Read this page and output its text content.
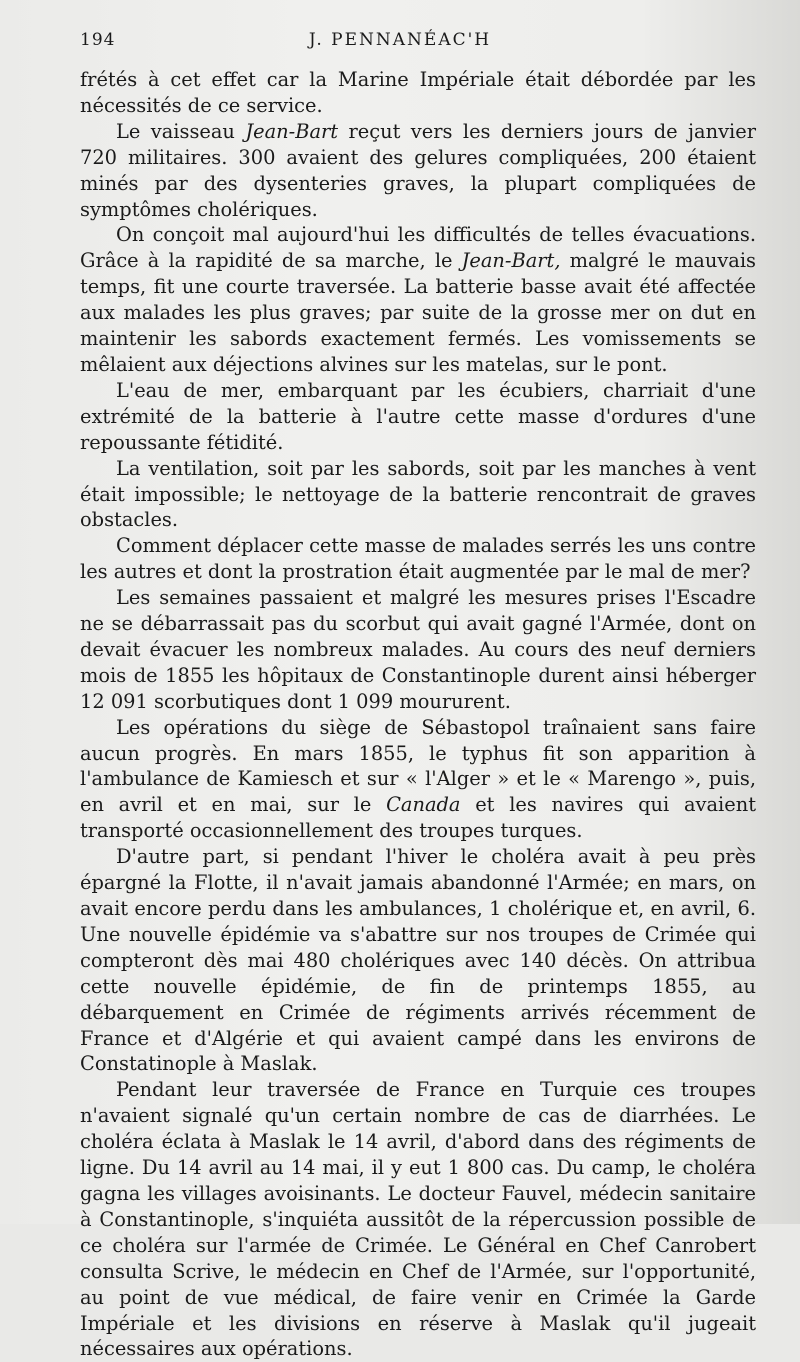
194	J. PENNANÉAC'H

frétés à cet effet car la Marine Impériale était débordée par les nécessités de ce service.

Le vaisseau Jean-Bart reçut vers les derniers jours de janvier 720 militaires. 300 avaient des gelures compliquées, 200 étaient minés par des dysenteries graves, la plupart compliquées de symptômes cholériques.

On conçoit mal aujourd'hui les difficultés de telles évacuations. Grâce à la rapidité de sa marche, le Jean-Bart, malgré le mauvais temps, fit une courte traversée. La batterie basse avait été affectée aux malades les plus graves; par suite de la grosse mer on dut en maintenir les sabords exactement fermés. Les vomissements se mêlaient aux déjections alvines sur les matelas, sur le pont.

L'eau de mer, embarquant par les écubiers, charriait d'une extrémité de la batterie à l'autre cette masse d'ordures d'une repoussante fétidité.

La ventilation, soit par les sabords, soit par les manches à vent était impossible; le nettoyage de la batterie rencontrait de graves obstacles.

Comment déplacer cette masse de malades serrés les uns contre les autres et dont la prostration était augmentée par le mal de mer?

Les semaines passaient et malgré les mesures prises l'Escadre ne se débarrassait pas du scorbut qui avait gagné l'Armée, dont on devait évacuer les nombreux malades. Au cours des neuf derniers mois de 1855 les hôpitaux de Constantinople durent ainsi héberger 12 091 scorbutiques dont 1 099 moururent.

Les opérations du siège de Sébastopol traînaient sans faire aucun progrès. En mars 1855, le typhus fit son apparition à l'ambulance de Kamiesch et sur « l'Alger » et le « Marengo », puis, en avril et en mai, sur le Canada et les navires qui avaient transporté occasionnellement des troupes turques.

D'autre part, si pendant l'hiver le choléra avait à peu près épargné la Flotte, il n'avait jamais abandonné l'Armée; en mars, on avait encore perdu dans les ambulances, 1 cholérique et, en avril, 6. Une nouvelle épidémie va s'abattre sur nos troupes de Crimée qui compteront dès mai 480 cholériques avec 140 décès. On attribua cette nouvelle épidémie, de fin de printemps 1855, au débarquement en Crimée de régiments arrivés récemment de France et d'Algérie et qui avaient campé dans les environs de Constatinople à Maslak.

Pendant leur traversée de France en Turquie ces troupes n'avaient signalé qu'un certain nombre de cas de diarrhées. Le choléra éclata à Maslak le 14 avril, d'abord dans des régiments de ligne. Du 14 avril au 14 mai, il y eut 1 800 cas. Du camp, le choléra gagna les villages avoisinants. Le docteur Fauvel, médecin sanitaire à Constantinople, s'inquiéta aussitôt de la répercussion possible de ce choléra sur l'armée de Crimée. Le Général en Chef Canrobert consulta Scrive, le médecin en Chef de l'Armée, sur l'opportunité, au point de vue médical, de faire venir en Crimée la Garde Impériale et les divisions en réserve à Maslak qu'il jugeait nécessaires aux opérations.
